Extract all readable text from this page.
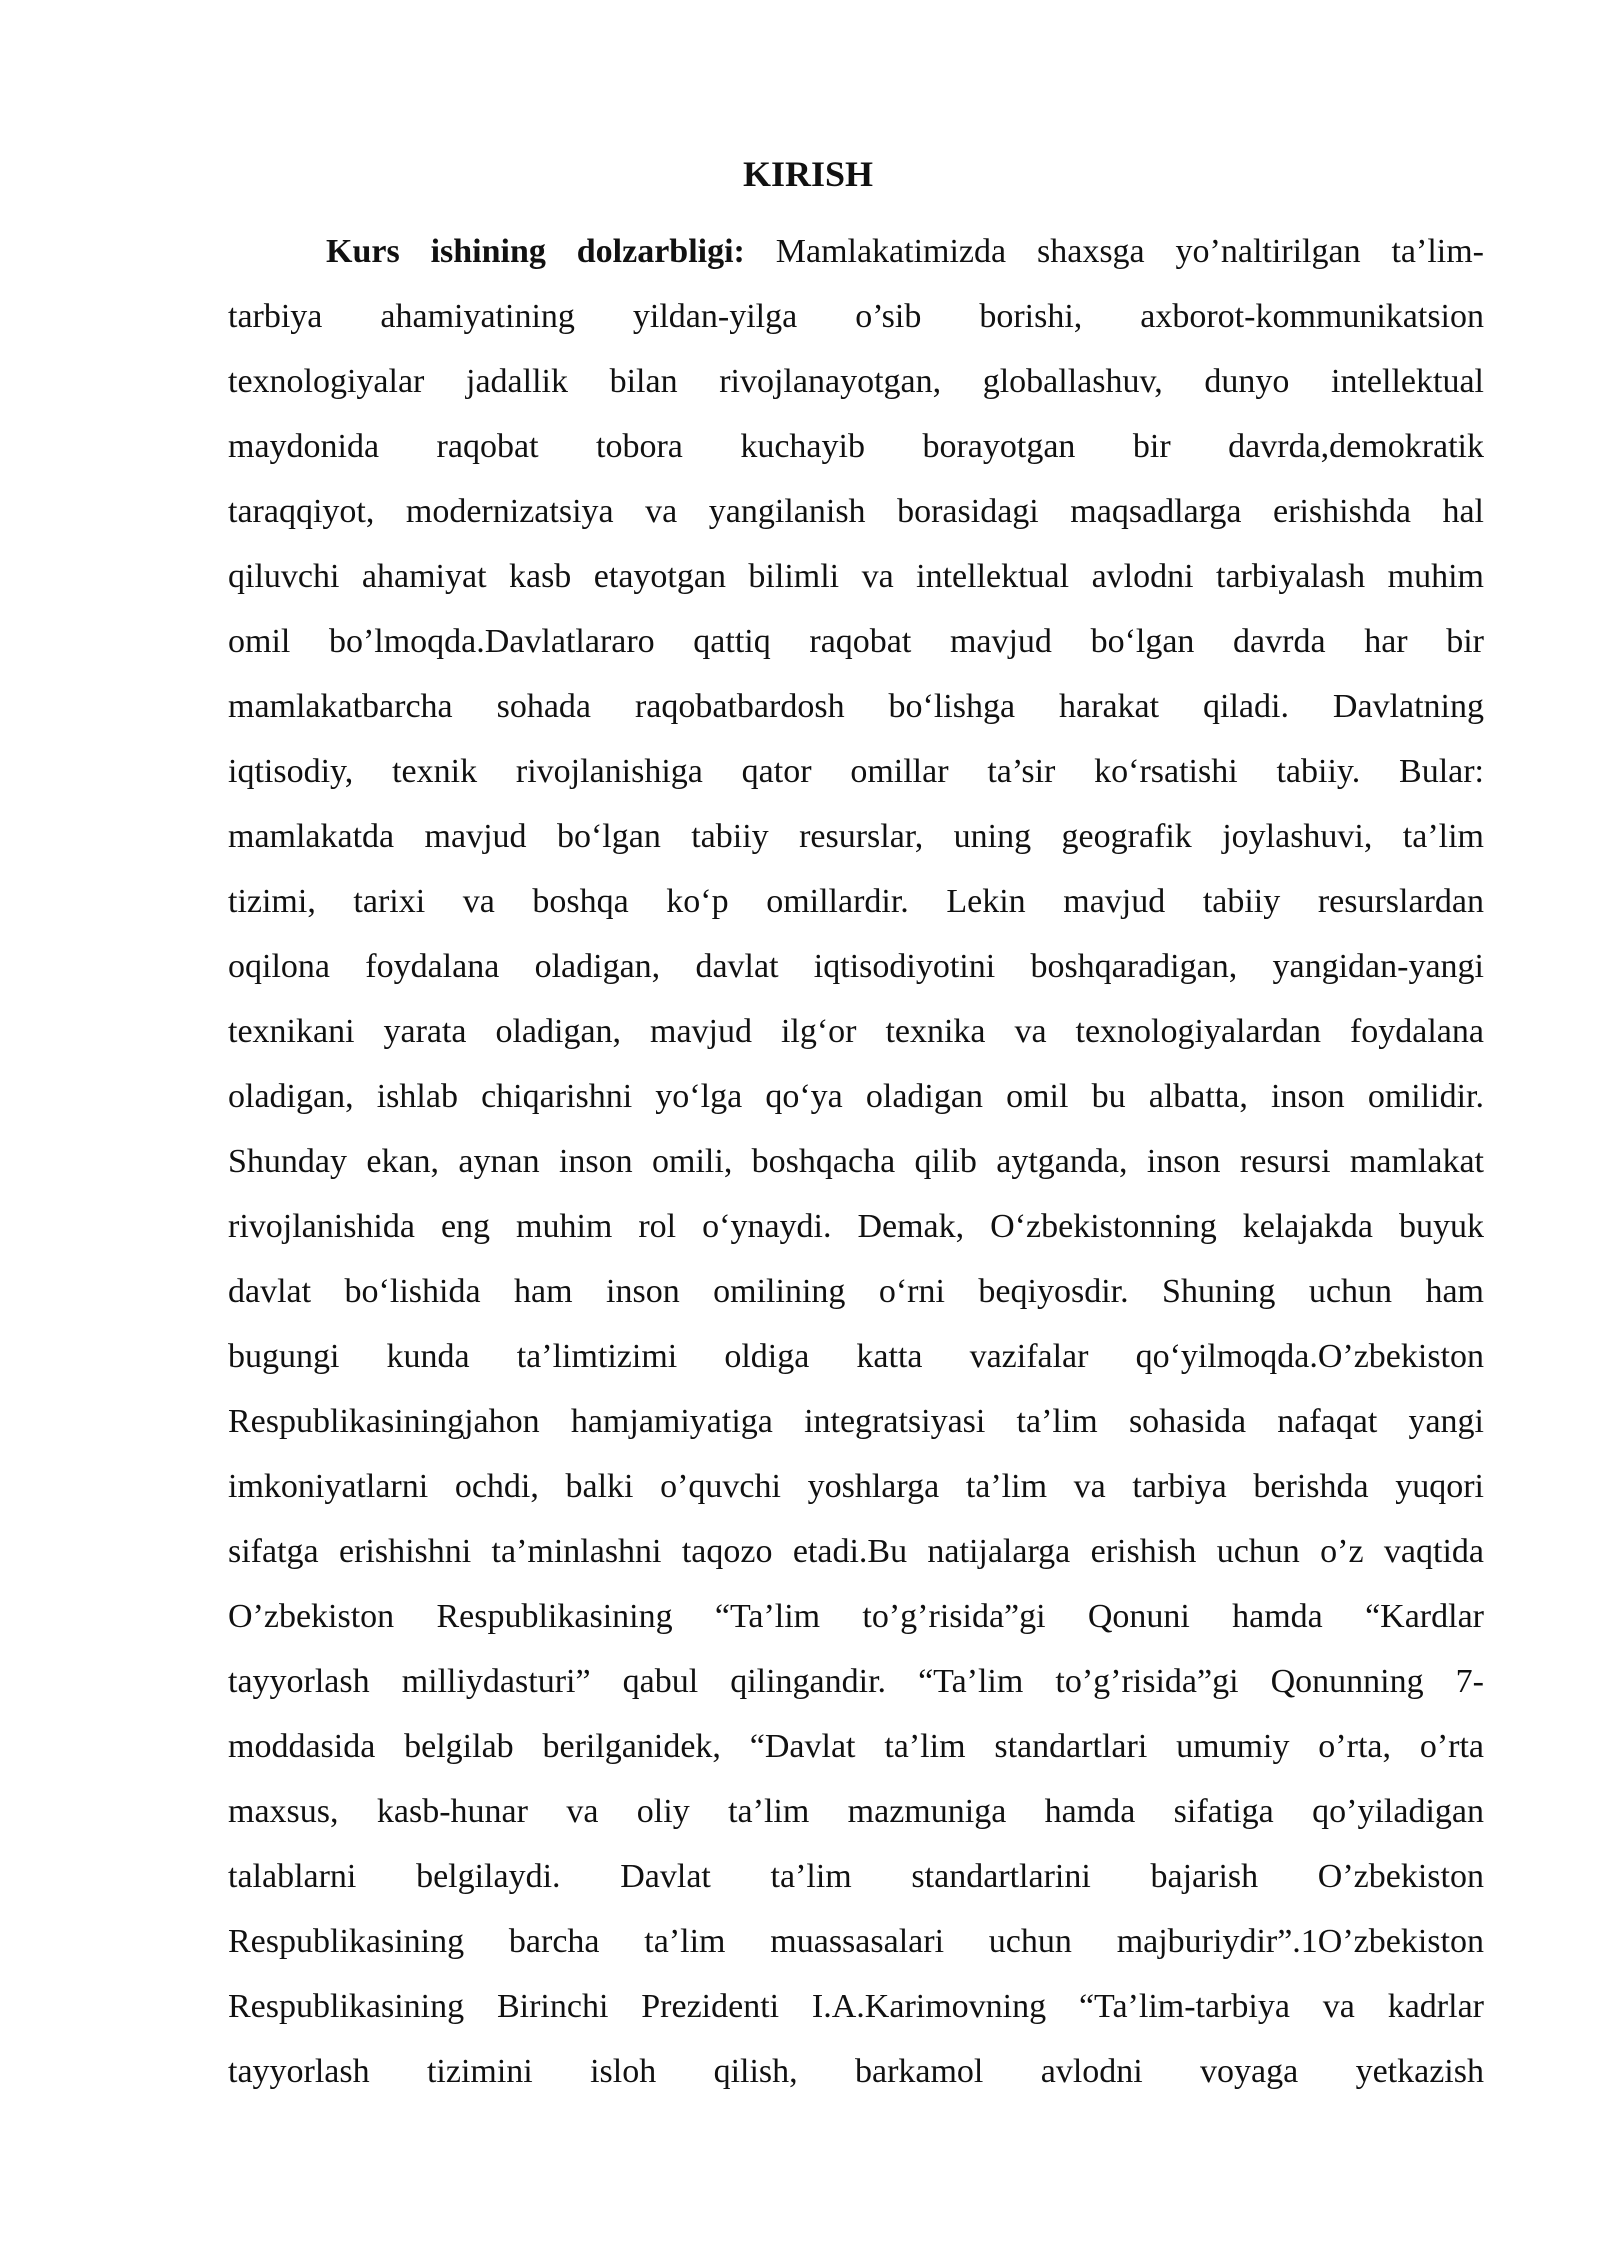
KIRISH
Kurs ishining dolzarbligi: Mamlakatimizda shaxsga yo’naltirilgan ta’lim-
tarbiya ahamiyatining yildan-yilga o’sib borishi, axborot-kommunikatsion
texnologiyalar jadallik bilan rivojlanayotgan, globallashuv, dunyo intellektual
maydonida raqobat tobora kuchayib borayotgan bir davrda,demokratik
taraqqiyot, modernizatsiya va yangilanish borasidagi maqsadlarga erishishda hal
qiluvchi ahamiyat kasb etayotgan bilimli va intellektual avlodni tarbiyalash muhim
omil bo’lmoqda.Davlatlararo qattiq raqobat mavjud bo‘lgan davrda har bir
mamlakatbarcha sohada raqobatbardosh bo‘lishga harakat qiladi. Davlatning
iqtisodiy, texnik rivojlanishiga qator omillar ta’sir ko‘rsatishi tabiiy. Bular:
mamlakatda mavjud bo‘lgan tabiiy resurslar, uning geografik joylashuvi, ta’lim
tizimi, tarixi va boshqa ko‘p omillardir. Lekin mavjud tabiiy resurslardan
oqilona foydalana oladigan, davlat iqtisodiyotini boshqaradigan, yangidan-yangi
texnikani yarata oladigan, mavjud ilg‘or texnika va texnologiyalardan foydalana
oladigan, ishlab chiqarishni yo‘lga qo‘ya oladigan omil bu albatta, inson omilidir.
Shunday ekan, aynan inson omili, boshqacha qilib aytganda, inson resursi mamlakat
rivojlanishida eng muhim rol o‘ynaydi. Demak, O‘zbekistonning kelajakda buyuk
davlat bo‘lishida ham inson omilining o‘rni beqiyosdir. Shuning uchun ham
bugungi kunda ta’limtizimi oldiga katta vazifalar qo‘yilmoqda.O’zbekiston
Respublikasiningjahon hamjamiyatiga integratsiyasi ta’lim sohasida nafaqat yangi
imkoniyatlarni ochdi, balki o’quvchi yoshlarga ta’lim va tarbiya berishda yuqori
sifatga erishishni ta’minlashni taqozo etadi.Bu natijalarga erishish uchun o’z vaqtida
O’zbekiston Respublikasining “Ta’lim to’g’risida”gi Qonuni hamda “Kardlar
tayyorlash milliydasturi” qabul qilingandir. “Ta’lim to’g’risida”gi Qonunning 7-
moddasida belgilab berilganidek, “Davlat ta’lim standartlari umumiy o’rta, o’rta
maxsus, kasb-hunar va oliy ta’lim mazmuniga hamda sifatiga qo’yiladigan
talablarni belgilaydi. Davlat ta’lim standartlarini bajarish O’zbekiston
Respublikasining barcha ta’lim muassasalari uchun majburiydir”.1O’zbekiston
Respublikasining Birinchi Prezidenti I.A.Karimovning “Ta’lim-tarbiya va kadrlar
tayyorlash tizimini isloh qilish, barkamol avlodni voyaga yetkazish
